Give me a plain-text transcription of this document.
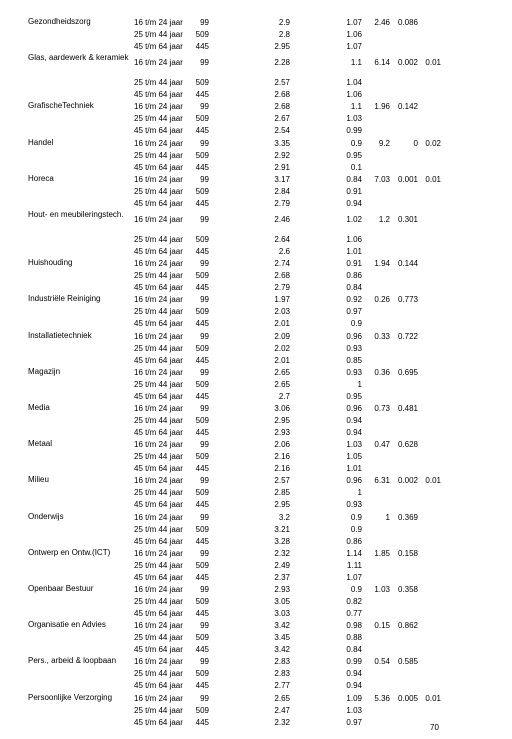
Gezondheidszorg	16 t/m 24 jaar	99	2.9	1.07	2.46 0.086
25 t/m 44 jaar	509	2.8	1.06
45 t/m 64 jaar	445	2.95	1.07
Glas, aardewerk & keramiek
16 t/m 24 jaar	99	2.28	1.1	6.14 0.002 0.01
25 t/m 44 jaar	509	2.57	1.04
45 t/m 64 jaar	445	2.68	1.06
GrafischeTechniek	16 t/m 24 jaar	99	2.68	1.1	1.96 0.142
25 t/m 44 jaar	509	2.67	1.03
45 t/m 64 jaar	445	2.54	0.99
Handel	16 t/m 24 jaar	99	3.35	0.9	9.2	0 0.02
25 t/m 44 jaar	509	2.92	0.95
45 t/m 64 jaar	445	2.91	0.1
Horeca	16 t/m 24 jaar	99	3.17	0.84	7.03 0.001 0.01
25 t/m 44 jaar	509	2.84	0.91
45 t/m 64 jaar	445	2.79	0.94
Hout- en meubileringstech.
16 t/m 24 jaar	99	2.46	1.02	1.2 0.301
25 t/m 44 jaar	509	2.64	1.06
45 t/m 64 jaar	445	2.6	1.01
Huishouding	16 t/m 24 jaar	99	2.74	0.91	1.94 0.144
25 t/m 44 jaar	509	2.68	0.86
45 t/m 64 jaar	445	2.79	0.84
Industriële Reiniging	16 t/m 24 jaar	99	1.97	0.92	0.26 0.773
25 t/m 44 jaar	509	2.03	0.97
45 t/m 64 jaar	445	2.01	0.9
Installatietechniek	16 t/m 24 jaar	99	2.09	0.96	0.33 0.722
25 t/m 44 jaar	509	2.02	0.93
45 t/m 64 jaar	445	2.01	0.85
Magazijn	16 t/m 24 jaar	99	2.65	0.93	0.36 0.695
25 t/m 44 jaar	509	2.65	1
45 t/m 64 jaar	445	2.7	0.95
Media	16 t/m 24 jaar	99	3.06	0.96	0.73 0.481
25 t/m 44 jaar	509	2.95	0.94
45 t/m 64 jaar	445	2.93	0.94
Metaal	16 t/m 24 jaar	99	2.06	1.03	0.47 0.628
25 t/m 44 jaar	509	2.16	1.05
45 t/m 64 jaar	445	2.16	1.01
Milieu	16 t/m 24 jaar	99	2.57	0.96	6.31 0.002 0.01
25 t/m 44 jaar	509	2.85	1
45 t/m 64 jaar	445	2.95	0.93
Onderwijs	16 t/m 24 jaar	99	3.2	0.9	1 0.369
25 t/m 44 jaar	509	3.21	0.9
45 t/m 64 jaar	445	3.28	0.86
Ontwerp en Ontw.(ICT)	16 t/m 24 jaar	99	2.32	1.14	1.85 0.158
25 t/m 44 jaar	509	2.49	1.11
45 t/m 64 jaar	445	2.37	1.07
Openbaar Bestuur	16 t/m 24 jaar	99	2.93	0.9	1.03 0.358
25 t/m 44 jaar	509	3.05	0.82
45 t/m 64 jaar	445	3.03	0.77
Organisatie en Advies	16 t/m 24 jaar	99	3.42	0.98	0.15 0.862
25 t/m 44 jaar	509	3.45	0.88
45 t/m 64 jaar	445	3.42	0.84
Pers., arbeid & loopbaan	16 t/m 24 jaar	99	2.83	0.99	0.54 0.585
25 t/m 44 jaar	509	2.83	0.94
45 t/m 64 jaar	445	2.77	0.94
Persoonlijke Verzorging	16 t/m 24 jaar	99	2.65	1.09	5.36 0.005 0.01
25 t/m 44 jaar	509	2.47	1.03
45 t/m 64 jaar	445	2.32	0.97
70
